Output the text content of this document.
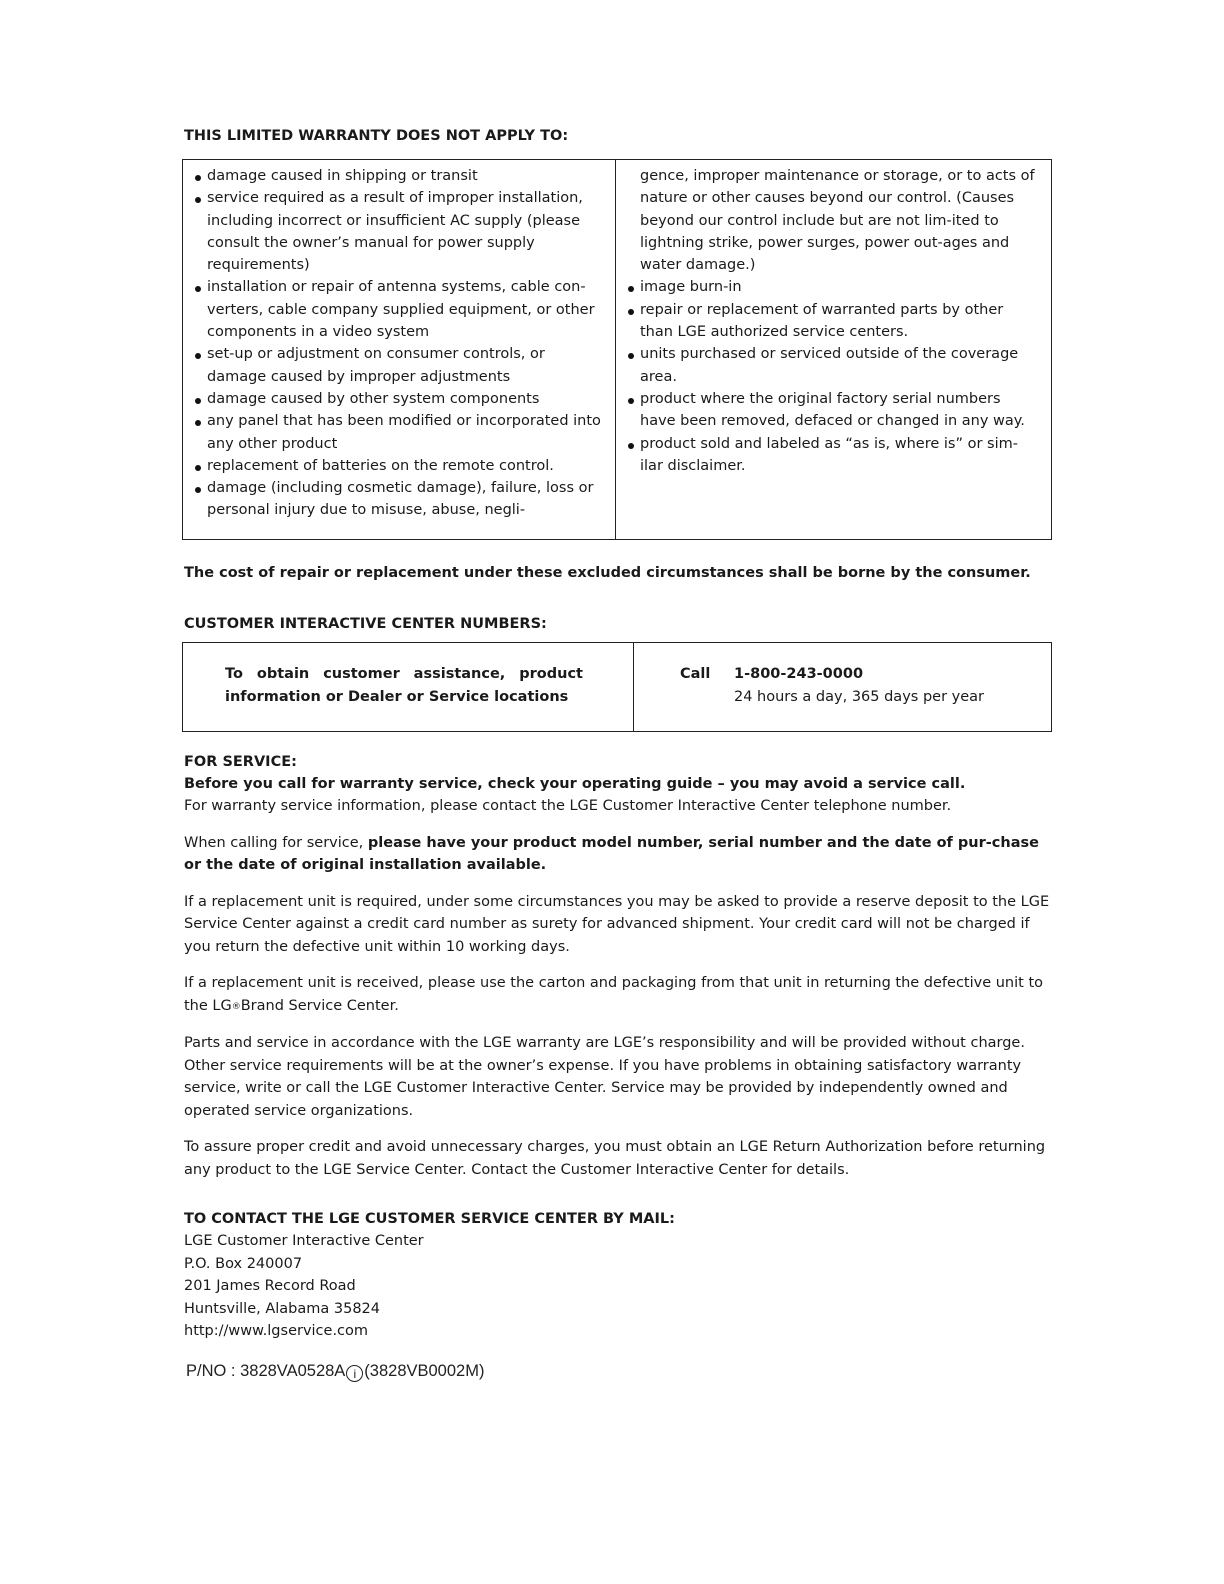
THIS LIMITED WARRANTY DOES NOT APPLY TO:

damage caused in shipping or transit
service required as a result of improper installation, including incorrect or insufficient AC supply (please consult the owner’s manual for power supply requirements)
installation or repair of antenna systems, cable con-verters, cable company supplied equipment, or other components in a video system
set-up or adjustment on consumer controls, or damage caused by improper adjustments
damage caused by other system components
any panel that has been modified or incorporated into any other product
replacement of batteries on the remote control.
damage (including cosmetic damage), failure, loss or personal injury due to misuse, abuse, negli-
gence, improper maintenance or storage, or to acts of nature or other causes beyond our control. (Causes beyond our control include but are not lim-ited to lightning strike, power surges, power out-ages and water damage.)
image burn-in
repair or replacement of warranted parts by other than LGE authorized service centers.
units purchased or serviced outside of the coverage area.
product where the original factory serial numbers have been removed, defaced or changed in any way.
product sold and labeled as “as is, where is” or sim-ilar disclaimer.

The cost of repair or replacement under these excluded circumstances shall be borne by the consumer.

CUSTOMER INTERACTIVE CENTER NUMBERS:

To obtain customer assistance, product information or Dealer or Service locations

Call 1-800-243-0000
24 hours a day, 365 days per year

FOR SERVICE:

Before you call for warranty service, check your operating guide – you may avoid a service call.

For warranty service information, please contact the LGE Customer Interactive Center telephone number.

When calling for service, please have your product model number, serial number and the date of pur-chase or the date of original installation available.

If a replacement unit is required, under some circumstances you may be asked to provide a reserve deposit to the LGE Service Center against a credit card number as surety for advanced shipment. Your credit card will not be charged if you return the defective unit within 10 working days.

If a replacement unit is received, please use the carton and packaging from that unit in returning the defective unit to the LG®Brand Service Center.

Parts and service in accordance with the LGE warranty are LGE’s responsibility and will be provided without charge. Other service requirements will be at the owner’s expense. If you have problems in obtaining satisfactory warranty service, write or call the LGE Customer Interactive Center. Service may be provided by independently owned and operated service organizations.

To assure proper credit and avoid unnecessary charges, you must obtain an LGE Return Authorization before returning any product to the LGE Service Center. Contact the Customer Interactive Center for details.

TO CONTACT THE LGE CUSTOMER SERVICE CENTER BY MAIL:

LGE Customer Interactive Center

P.O. Box 240007

201 James Record Road

Huntsville, Alabama 35824

http://www.lgservice.com

P/NO : 3828VA0528A i (3828VB0002M)
